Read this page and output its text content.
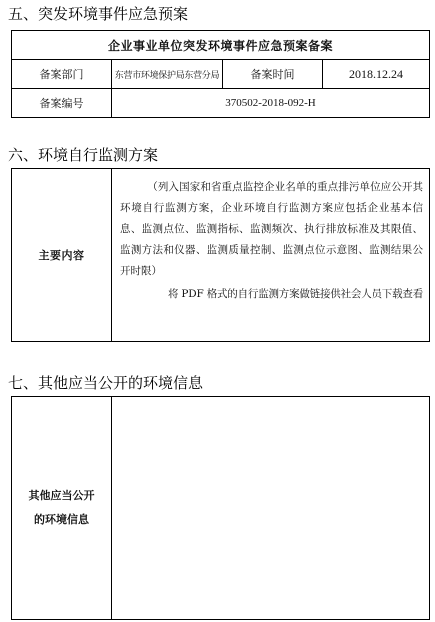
五、突发环境事件应急预案
企业事业单位突发环境事件应急预案备案			
备案部门	东营市环境保护局东营分局	备案时间	2018.12.24
备案编号	370502-2018-092-H		
六、环境自行监测方案
主要内容	
（列入国家和省重点监控企业名单的重点排污单位应公开其环境自行监测方案，企业环境自行监测方案应包括企业基本信息、监测点位、监测指标、监测频次、执行排放标准及其限值、监测方法和仪器、监测质量控制、监测点位示意图、监测结果公开时限）
将 PDF 格式的自行监测方案做链接供社会人员下载查看
七、其他应当公开的环境信息
其他应当公开
的环境信息
